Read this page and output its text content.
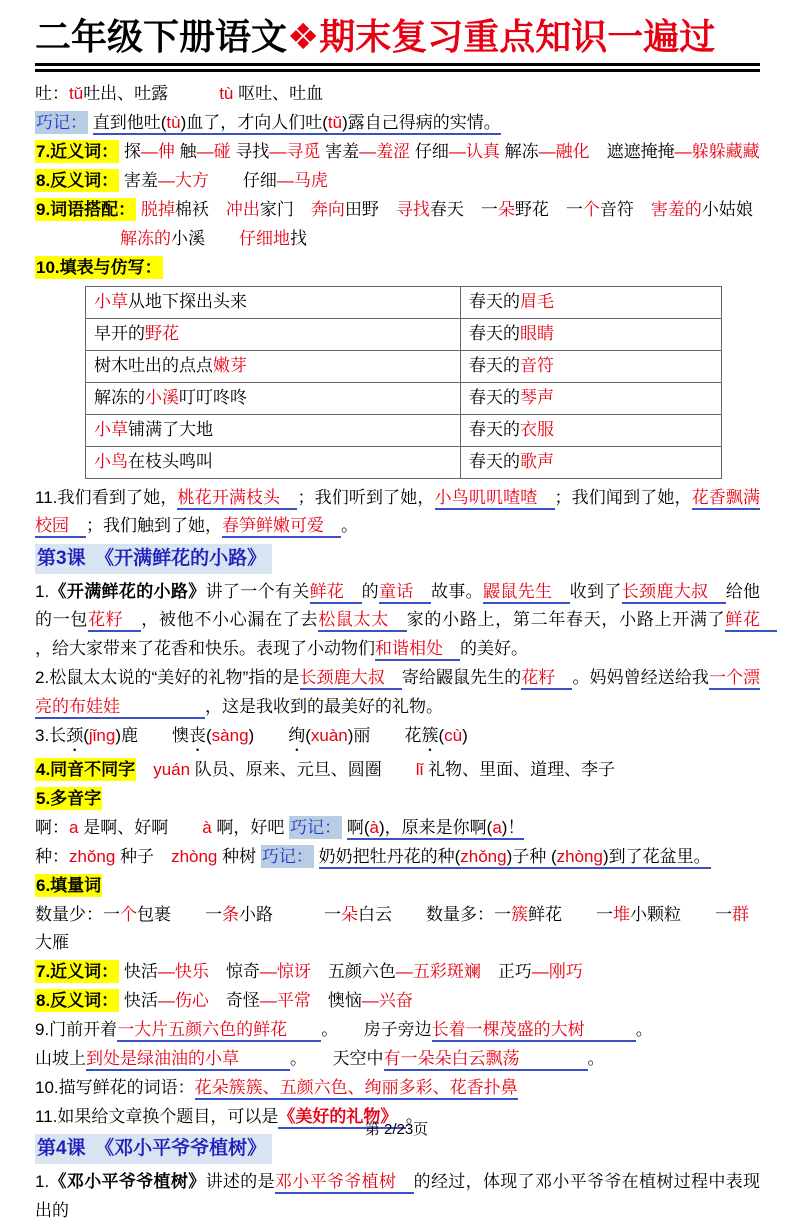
二年级下册语文❖期末复习重点知识一遍过
吐：tǔ吐出、吐露　　　	tù 呕吐、吐血
巧记： 直到他吐(tù)血了，才向人们吐(tǔ)露自己得病的实情。
7.近义词： 探—伸 触—碰 寻找—寻觅 害羞—羞涩 仔细—认真 解冻—融化　遮遮掩掩—躲躲藏藏
8.反义词： 害羞—大方　　仔细—马虎
9.词语搭配： 脱掉棉袄　冲出家门　奔向田野　寻找春天　一朵野花　一个音符　害羞的小姑娘
解冻的小溪　　仔细地找
10.填表与仿写：
小草从地下探出头来	春天的眉毛
早开的野花	春天的眼睛
树木吐出的点点嫩芽	春天的音符
解冻的小溪叮叮咚咚	春天的琴声
小草铺满了大地	春天的衣服
小鸟在枝头鸣叫	春天的歌声
11.我们看到了她，桃花开满枝头　；我们听到了她，小鸟叽叽喳喳　；我们闻到了她，花香飘满校园　；我们触到了她，春笋鲜嫩可爱　。
第3课　《开满鲜花的小路》
1.《开满鲜花的小路》讲了一个有关鲜花　的童话　故事。鼹鼠先生　收到了长颈鹿大叔　给他的一包花籽　，被他不小心漏在了去松鼠太太　家的小路上，第二年春天，小路上开满了鲜花　，给大家带来了花香和快乐。表现了小动物们和谐相处　的美好。
2.松鼠太太说的“美好的礼物”指的是长颈鹿大叔　寄给鼹鼠先生的花籽　。妈妈曾经送给我一个漂亮的布娃娃　　　　　，这是我收到的最美好的礼物。
3.长颈(jǐng)鹿　　懊丧(sàng)　　绚(xuàn)丽　　花簇(cù)
4.同音不同字　 yuán 队员、原来、元旦、圆圈　　lǐ 礼物、里面、道理、李子
5.多音字
啊：a 是啊、好啊　　à 啊，好吧 巧记： 啊(à)，原来是你啊(a)！
种：zhǒng 种子　zhòng 种树 巧记： 奶奶把牡丹花的种(zhǒng)子种 (zhòng)到了花盆里。
6.填量词
数量少：一个包裹　　一条小路　　　一朵白云　　数量多：一簇鲜花　　一堆小颗粒　　一群大雁
7.近义词： 快活—快乐　惊奇—惊讶　五颜六色—五彩斑斓　正巧—刚巧
8.反义词： 快活—伤心　奇怪—平常　懊恼—兴奋
9.门前开着一大片五颜六色的鲜花　　。　　房子旁边长着一棵茂盛的大树　　　。
山坡上到处是绿油油的小草　　　。　　天空中有一朵朵白云飘荡　　　　。
10.描写鲜花的词语：花朵簇簇、五颜六色、绚丽多彩、花香扑鼻
11.如果给文章换个题目，可以是《美好的礼物》　。
第4课　《邓小平爷爷植树》
1.《邓小平爷爷植树》讲述的是邓小平爷爷植树　的经过，体现了邓小平爷爷在植树过程中表现出的
第 2/23页
